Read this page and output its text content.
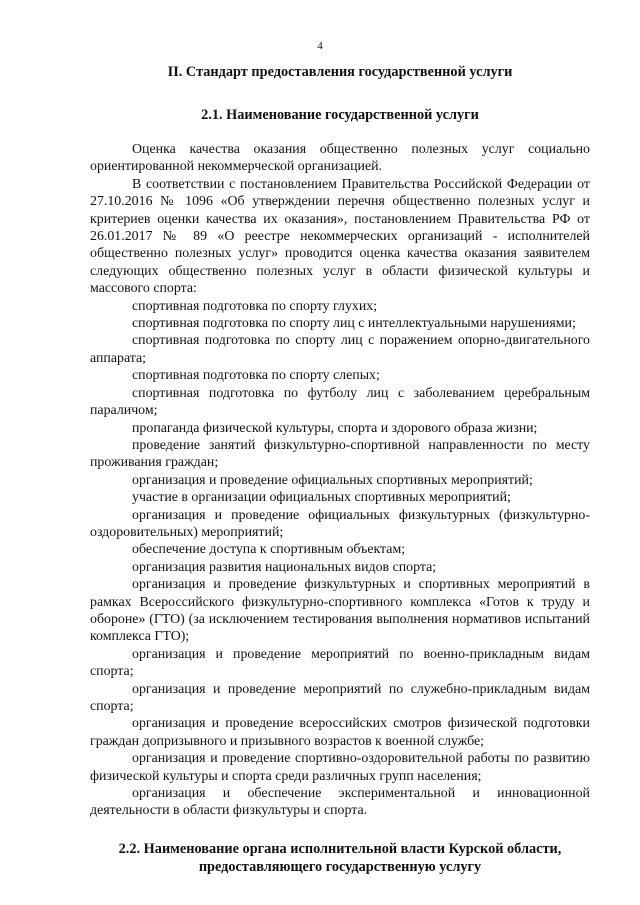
4
II. Стандарт предоставления государственной услуги
2.1. Наименование государственной услуги

Оценка качества оказания общественно полезных услуг социально ориентированной некоммерческой организацией.

В соответствии с постановлением Правительства Российской Федерации от 27.10.2016 № 1096 «Об утверждении перечня общественно полезных услуг и критериев оценки качества их оказания», постановлением Правительства РФ от 26.01.2017 № 89 «О реестре некоммерческих организаций - исполнителей общественно полезных услуг» проводится оценка качества оказания заявителем следующих общественно полезных услуг в области физической культуры и массового спорта:

спортивная подготовка по спорту глухих;
спортивная подготовка по спорту лиц с интеллектуальными нарушениями;
спортивная подготовка по спорту лиц с поражением опорно-двигательного аппарата;
спортивная подготовка по спорту слепых;
спортивная подготовка по футболу лиц с заболеванием церебральным параличом;
пропаганда физической культуры, спорта и здорового образа жизни;
проведение занятий физкультурно-спортивной направленности по месту проживания граждан;
организация и проведение официальных спортивных мероприятий;
участие в организации официальных спортивных мероприятий;
организация и проведение официальных физкультурных (физкультурно-оздоровительных) мероприятий;
обеспечение доступа к спортивным объектам;
организация развития национальных видов спорта;
организация и проведение физкультурных и спортивных мероприятий в рамках Всероссийского физкультурно-спортивного комплекса «Готов к труду и обороне» (ГТО) (за исключением тестирования выполнения нормативов испытаний комплекса ГТО);
организация и проведение мероприятий по военно-прикладным видам спорта;
организация и проведение мероприятий по служебно-прикладным видам спорта;
организация и проведение всероссийских смотров физической подготовки граждан допризывного и призывного возрастов к военной службе;
организация и проведение спортивно-оздоровительной работы по развитию физической культуры и спорта среди различных групп населения;
организация и обеспечение экспериментальной и инновационной деятельности в области физкультуры и спорта.
2.2. Наименование органа исполнительной власти Курской области,
предоставляющего государственную услугу
